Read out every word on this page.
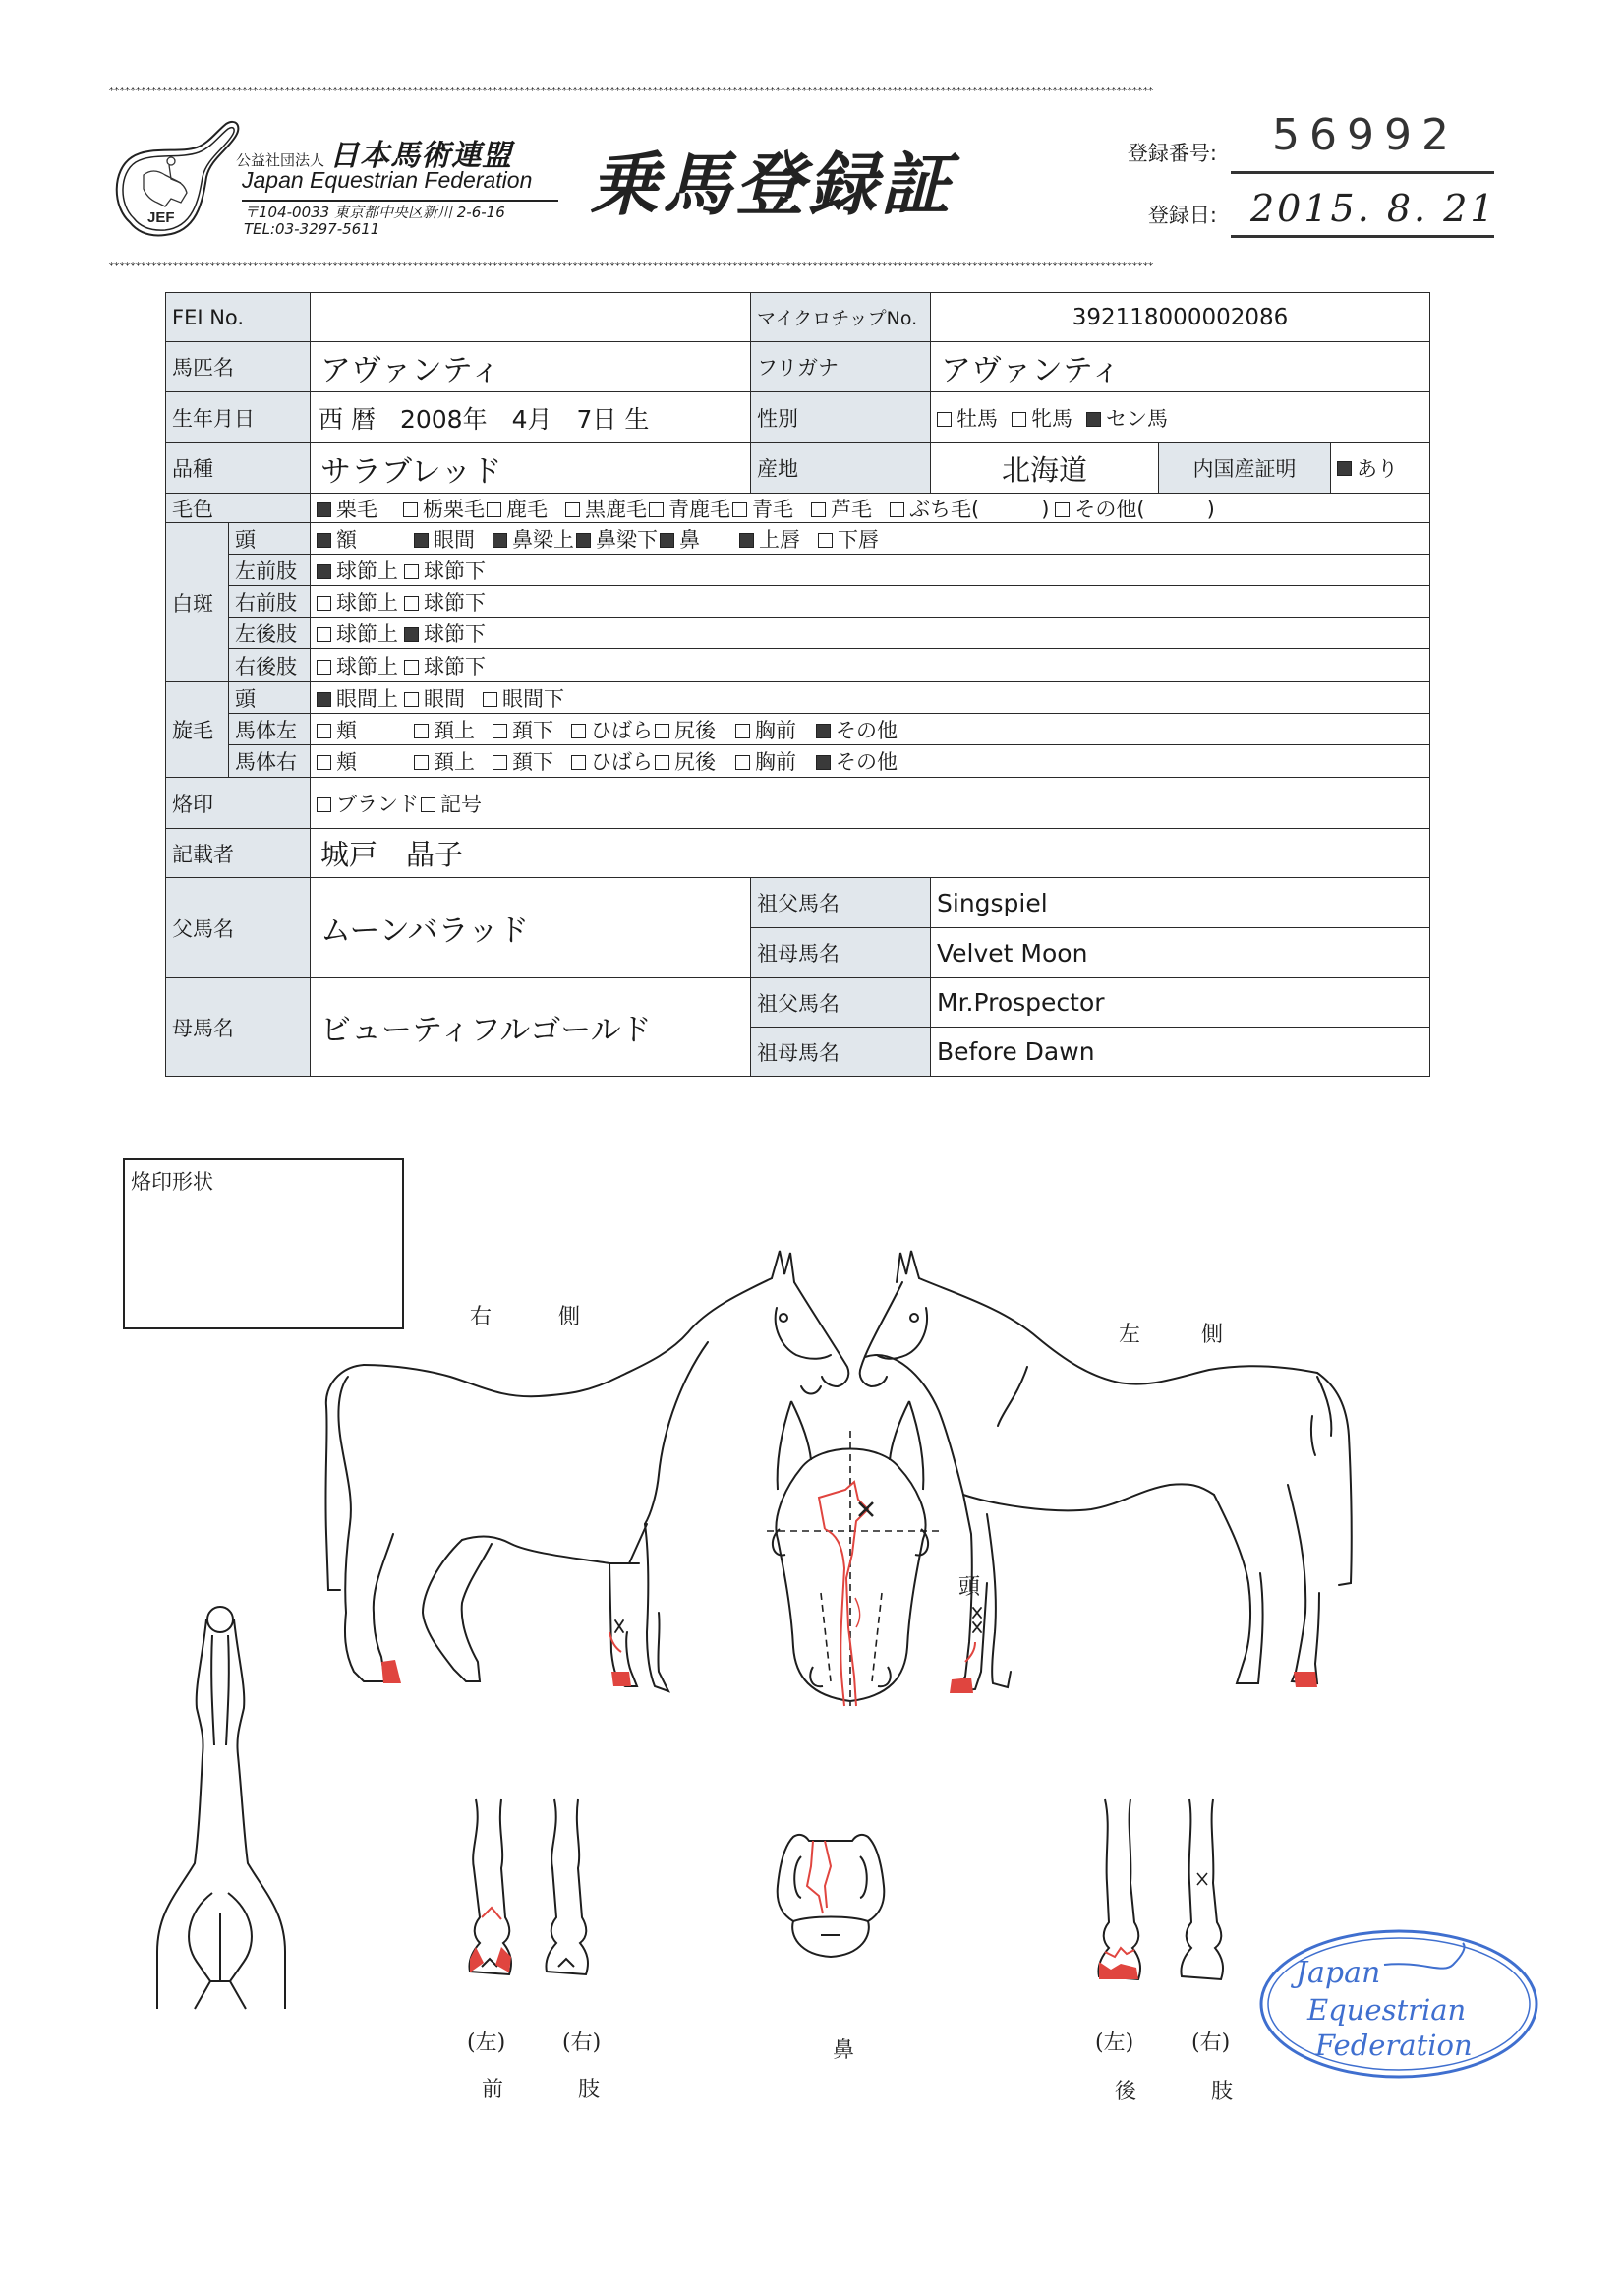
****************************************************************************************************************************************************************************************************
JEF
公益社団法人 日本馬術連盟
Japan Equestrian Federation
〒104-0033 東京都中央区新川 2-6-16
TEL:03-3297-5611
乗馬登録証	登録番号: 56992
登録日: 2015. 8. 21
****************************************************************************************************************************************************************************************************
FEI No.	マイクロチップNo.	392118000002086
馬匹名	アヴァンティ	フリガナ	アヴァンティ
生年月日	西 暦　2008年　4月　7日 生	性別	牡馬	牝馬	セン馬
品種	サラブレッド	産地	北海道	内国産証明	あり
毛色	栗毛	栃栗毛	鹿毛	黒鹿毛	青鹿毛	青毛	芦毛	ぶち毛(　　　)	その他(　　　)
白斑
頭	額	眼間	鼻梁上	鼻梁下	鼻	上唇	下唇
左前肢	球節上	球節下
右前肢	球節上	球節下
左後肢	球節上	球節下
右後肢	球節上	球節下
旋毛
頭	眼間上	眼間	眼間下
馬体左	頬	頚上	頚下	ひばら	尻後	胸前	その他
馬体右	頬	頚上	頚下	ひばら	尻後	胸前	その他
烙印	ブランド	記号
記載者	城戸　晶子
父馬名	ムーンバラッド
祖父馬名	Singspiel
祖母馬名	Velvet Moon
母馬名	ビューティフルゴールド
祖父馬名	Mr.Prospector
祖母馬名	Before Dawn
烙印形状
右	側
左	側
頭
(左)	(右)
前	肢
鼻	(左)	(右)
後	肢
Japan
Equestrian
Federation
